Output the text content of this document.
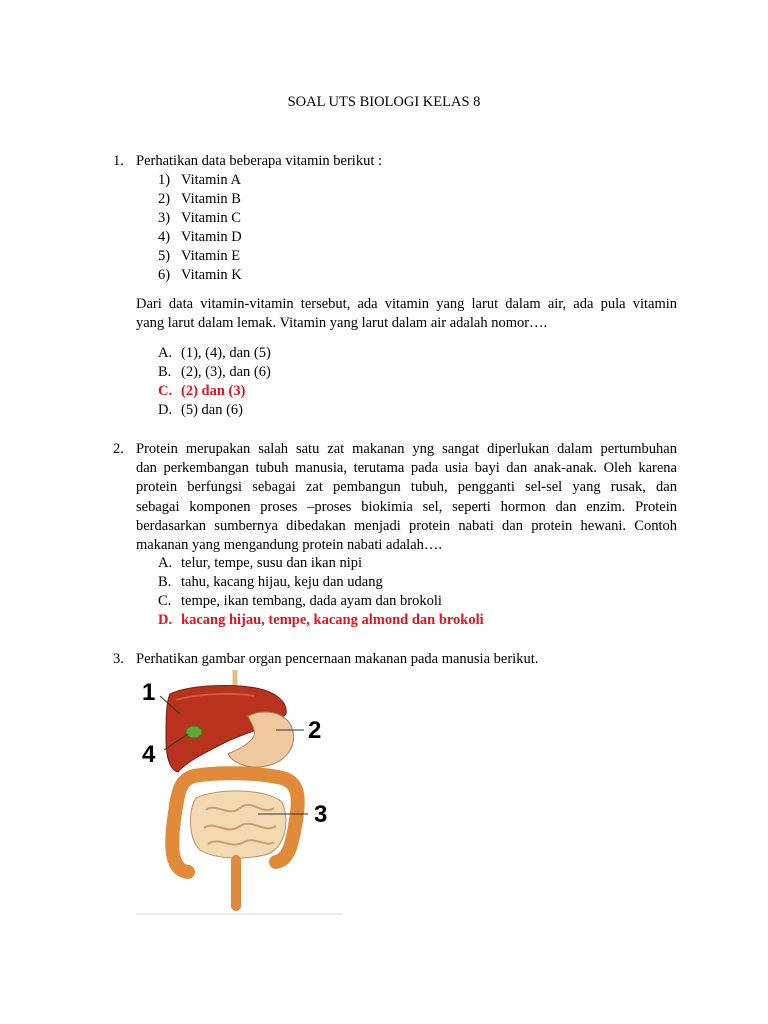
SOAL UTS BIOLOGI KELAS 8
1. Perhatikan data beberapa vitamin berikut :
1) Vitamin A
2) Vitamin B
3) Vitamin C
4) Vitamin D
5) Vitamin E
6) Vitamin K
Dari data vitamin-vitamin tersebut, ada vitamin yang larut dalam air, ada pula vitamin
yang larut dalam lemak. Vitamin yang larut dalam air adalah nomor….
A. (1), (4), dan (5)
B. (2), (3), dan (6)
C. (2) dan (3)
D. (5) dan (6)
2. Protein merupakan salah satu zat makanan yng sangat diperlukan dalam pertumbuhan
dan perkembangan tubuh manusia, terutama pada usia bayi dan anak-anak. Oleh karena
protein berfungsi sebagai zat pembangun tubuh, pengganti sel-sel yang rusak, dan
sebagai komponen proses –proses biokimia sel, seperti hormon dan enzim. Protein
berdasarkan sumbernya dibedakan menjadi protein nabati dan protein hewani. Contoh
makanan yang mengandung protein nabati adalah….
A. telur, tempe, susu dan ikan nipi
B. tahu, kacang hijau, keju dan udang
C. tempe, ikan tembang, dada ayam dan brokoli
D. kacang hijau, tempe, kacang almond dan brokoli
3. Perhatikan gambar organ pencernaan makanan pada manusia berikut.
1
2
3
4
